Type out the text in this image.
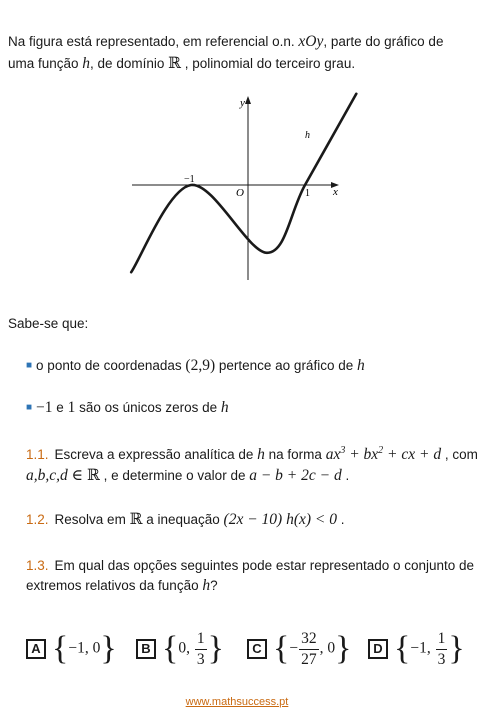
Na figura está representado, em referencial o.n. xOy, parte do gráfico de uma função h, de domínio ℝ , polinomial do terceiro grau.
y
x
O
h
−1
1
Sabe-se que:
■ o ponto de coordenadas (2,9) pertence ao gráfico de h
■ −1 e 1 são os únicos zeros de h
1.1. Escreva a expressão analítica de h na forma $ax^3 + bx^2$ + cx + d , com
a,b,c,d ∈ ℝ , e determine o valor de a − b + 2c − d .
1.2. Resolva em ℝ a inequação (2x − 10) h(x) < 0 .
1.3. Em qual das opções seguintes pode estar representado o conjunto de
extremos relativos da função h?
A {−1, 0}	B {0, $\frac{1}{3}$ }	C {− $\frac{32}{27}$ , 0}	D {−1, $\frac{1}{3}$ }
www.mathsuccess.pt
